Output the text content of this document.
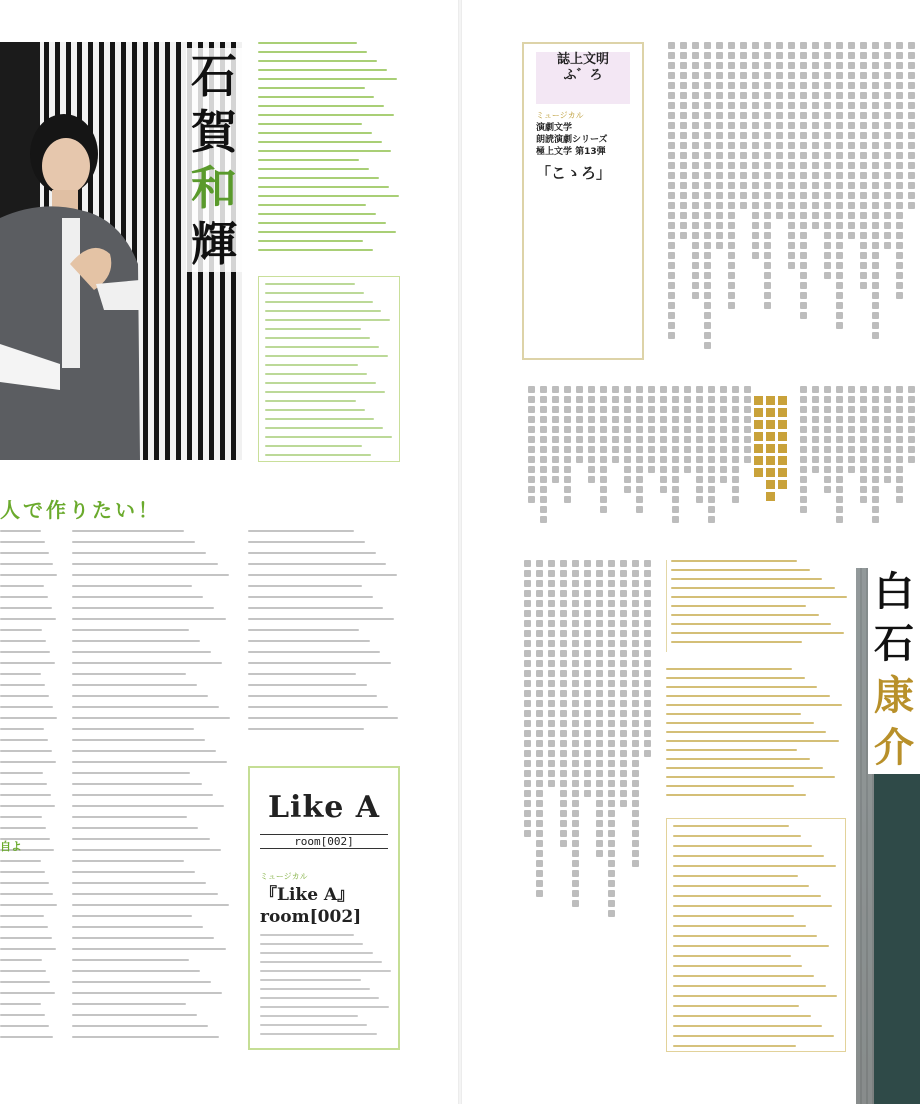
石
賀
和
輝
人で作りたい！
自よ
Like A
room[002]
ミュージカル
『Like A』
room[002]
誌上文明
ふ゛ろ
ミュージカル
演劇文学
朗読演劇シリーズ
極上文学 第13弾
「こゝろ」
白
石
康
介
